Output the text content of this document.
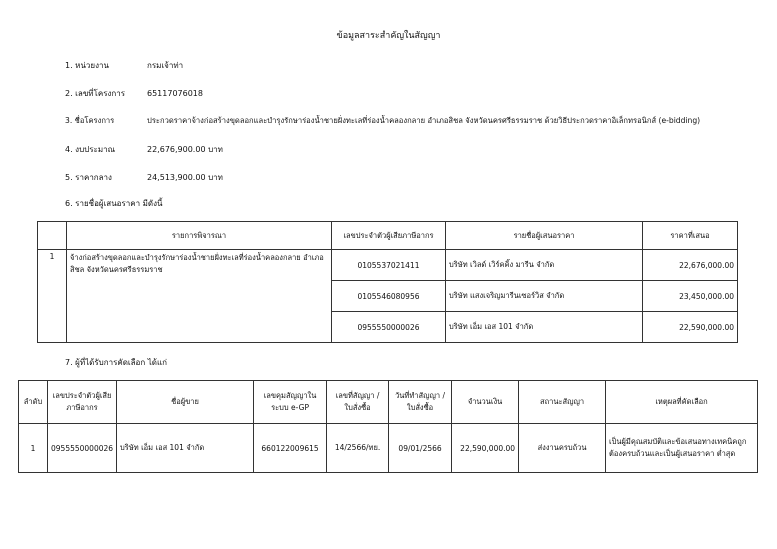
ข้อมูลสาระสำคัญในสัญญา
1. หน่วยงาน	กรมเจ้าท่า
2. เลขที่โครงการ	65117076018
3. ชื่อโครงการ	ประกวดราคาจ้างก่อสร้างขุดลอกและบำรุงรักษาร่องน้ำชายฝั่งทะเลที่ร่องน้ำคลองกลาย อำเภอสิชล จังหวัดนครศรีธรรมราช ด้วยวิธีประกวดราคาอิเล็กทรอนิกส์ (e-bidding)
4. งบประมาณ	22,676,900.00 บาท
5. ราคากลาง	24,513,900.00 บาท
6. รายชื่อผู้เสนอราคา มีดังนี้
	รายการพิจารณา	เลขประจำตัวผู้เสียภาษีอากร	รายชื่อผู้เสนอราคา	ราคาที่เสนอ
1	จ้างก่อสร้างขุดลอกและบำรุงรักษาร่องน้ำชายฝั่งทะเลที่ร่องน้ำคลองกลาย อำเภอสิชล จังหวัดนครศรีธรรมราช	0105537021411	บริษัท เวิลด์ เวิร์คคิ้ง มารีน จำกัด	22,676,000.00
		0105546080956	บริษัท แสงเจริญมารีนเซอร์วิส จำกัด	23,450,000.00
		0955550000026	บริษัท เอ็ม เอส 101 จำกัด	22,590,000.00
7. ผู้ที่ได้รับการคัดเลือก ได้แก่
ลำดับ	เลขประจำตัวผู้เสียภาษีอากร	ชื่อผู้ขาย	เลขคุมสัญญาในระบบ e-GP	เลขที่สัญญา / ใบสั่งซื้อ	วันที่ทำสัญญา / ใบสั่งซื้อ	จำนวนเงิน	สถานะสัญญา	เหตุผลที่คัดเลือก
1	0955550000026	บริษัท เอ็ม เอส 101 จำกัด	660122009615	14/2566/ทย.	09/01/2566	22,590,000.00	ส่งงานครบถ้วน	เป็นผู้มีคุณสมบัติและข้อเสนอทางเทคนิคถูกต้องครบถ้วนและเป็นผู้เสนอราคา ต่ำสุด
